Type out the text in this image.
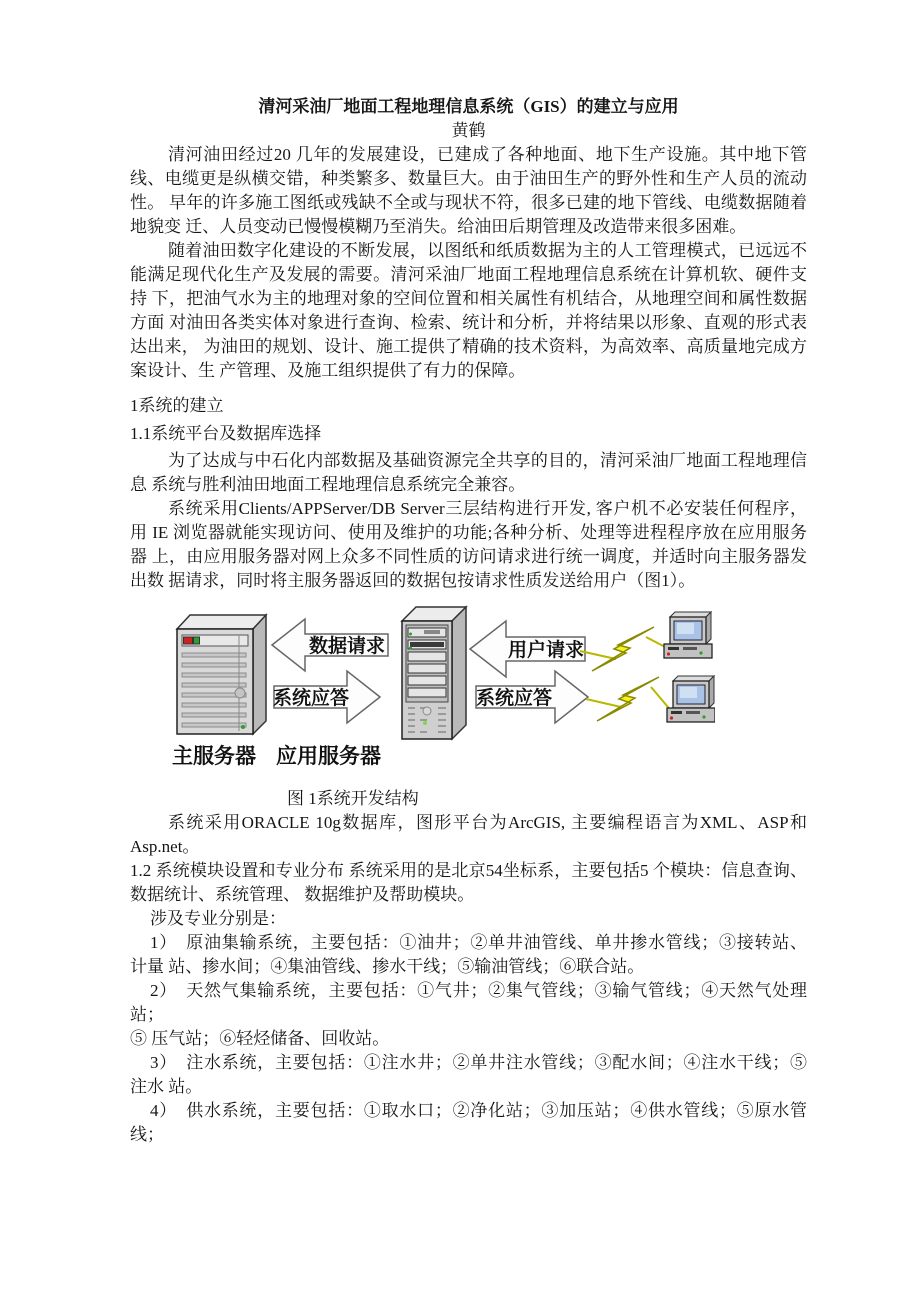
清河采油厂地面工程地理信息系统（GIS）的建立与应用
黄鹤
清河油田经过20 几年的发展建设，已建成了各种地面、地下生产设施。其中地下管
线、电缆更是纵横交错，种类繁多、数量巨大。由于油田生产的野外性和生产人员的流动
性。 早年的许多施工图纸或残缺不全或与现状不符，很多已建的地下管线、电缆数据随着
地貌变 迁、人员变动已慢慢模糊乃至消失。给油田后期管理及改造带来很多困难。
随着油田数字化建设的不断发展，以图纸和纸质数据为主的人工管理模式，已远远不
能满足现代化生产及发展的需要。清河采油厂地面工程地理信息系统在计算机软、硬件支
持 下，把油气水为主的地理对象的空间位置和相关属性有机结合，从地理空间和属性数据
方面 对油田各类实体对象进行查询、检索、统计和分析，并将结果以形象、直观的形式表
达出来， 为油田的规划、设计、施工提供了精确的技术资料，为高效率、高质量地完成方
案设计、生 产管理、及施工组织提供了有力的保障。
1系统的建立
1.1系统平台及数据库选择
为了达成与中石化内部数据及基础资源完全共享的目的，清河采油厂地面工程地理信
息 系统与胜利油田地面工程地理信息系统完全兼容。
系统采用Clients/APPServer/DB Server三层结构进行开发, 客户机不必安装任何程序，
用 IE 浏览器就能实现访问、使用及维护的功能;各种分析、处理等进程程序放在应用服务
器 上，由应用服务器对网上众多不同性质的访问请求进行统一调度，并适时向主服务器发
出数 据请求，同时将主服务器返回的数据包按请求性质发送给用户（图1）。
数据请求
系统应答
用户请求
系统应答
主服务器 应用服务器
图 1系统开发结构
系统采用ORACLE 10g数据库，图形平台为ArcGIS, 主要编程语言为XML、ASP和
Asp.net。
1.2 系统模块设置和专业分布 系统采用的是北京54坐标系，主要包括5 个模块：信息查询、
数据统计、系统管理、 数据维护及帮助模块。
涉及专业分别是：
1）　原油集输系统，主要包括：①油井；②单井油管线、单井掺水管线；③接转站、
计量 站、掺水间；④集油管线、掺水干线；⑤输油管线；⑥联合站。
2）　天然气集输系统，主要包括：①气井；②集气管线；③输气管线；④天然气处理
站；
⑤ 压气站；⑥轻烃储备、回收站。
3）　注水系统，主要包括：①注水井；②单井注水管线；③配水间；④注水干线；⑤
注水 站。
4）　供水系统，主要包括：①取水口；②净化站；③加压站；④供水管线；⑤原水管
线；
